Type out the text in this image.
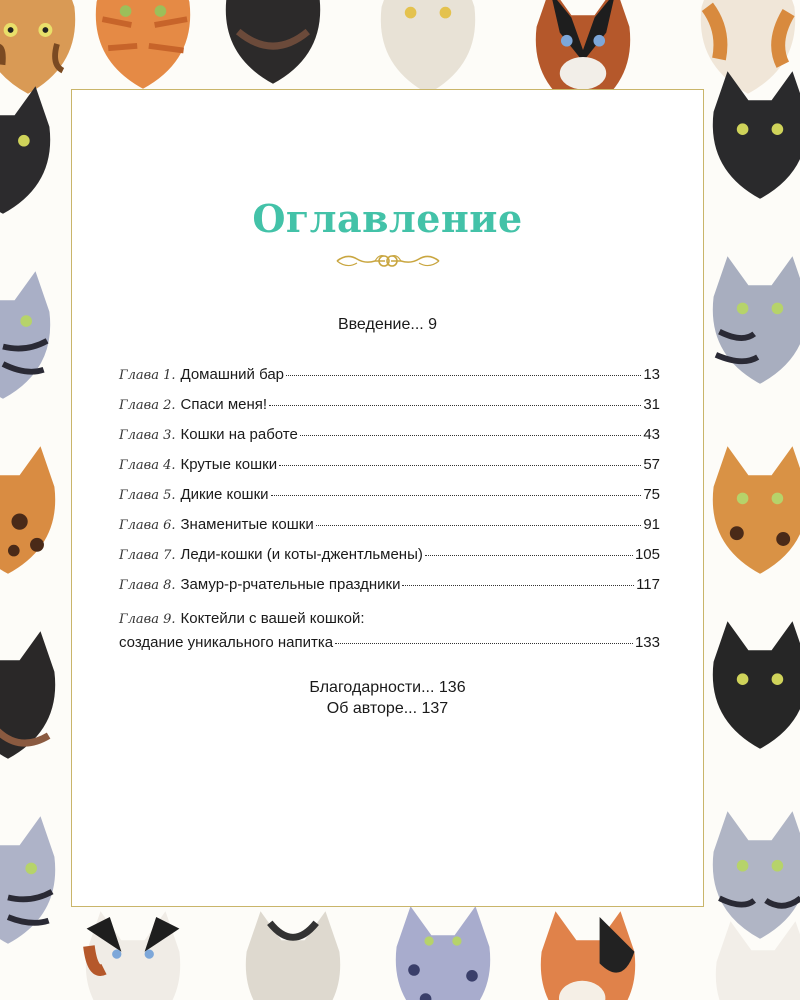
Оглавление
Введение... 9
Глава 1. Домашний бар	13
Глава 2. Спаси меня!	31
Глава 3. Кошки на работе	43
Глава 4. Крутые кошки	57
Глава 5. Дикие кошки	75
Глава 6. Знаменитые кошки	91
Глава 7. Леди-кошки (и коты-джентльмены)	105
Глава 8. Замур-р-рчательные праздники	117
Глава 9. Коктейли с вашей кошкой:
создание уникального напитка	133
Благодарности... 136
Об авторе... 137
